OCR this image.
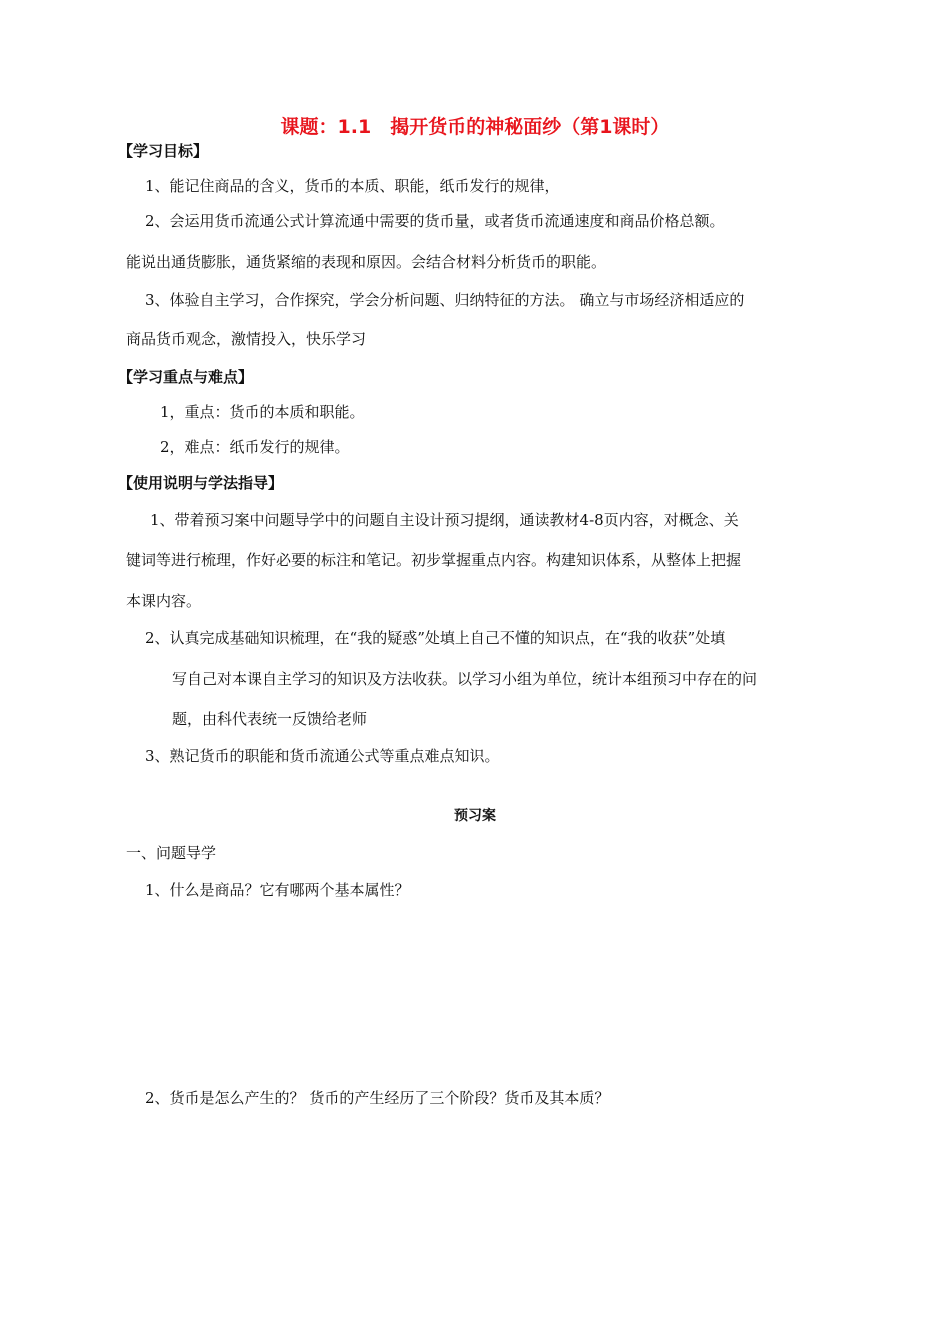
课题：1.1　揭开货币的神秘面纱（第1课时）
【学习目标】
1、能记住商品的含义，货币的本质、职能，纸币发行的规律，
2、会运用货币流通公式计算流通中需要的货币量，或者货币流通速度和商品价格总额。
能说出通货膨胀，通货紧缩的表现和原因。会结合材料分析货币的职能。
3、体验自主学习，合作探究，学会分析问题、归纳特征的方法。 确立与市场经济相适应的
商品货币观念，激情投入，快乐学习
【学习重点与难点】
1，重点：货币的本质和职能。
2，难点：纸币发行的规律。
【使用说明与学法指导】
1、带着预习案中问题导学中的问题自主设计预习提纲，通读教材4-8页内容，对概念、关
键词等进行梳理，作好必要的标注和笔记。初步掌握重点内容。构建知识体系，从整体上把握
本课内容。
2、认真完成基础知识梳理，在“我的疑惑”处填上自己不懂的知识点，在“我的收获”处填
写自己对本课自主学习的知识及方法收获。以学习小组为单位，统计本组预习中存在的问
题，由科代表统一反馈给老师
3、熟记货币的职能和货币流通公式等重点难点知识。
预习案
一、问题导学
1、什么是商品？它有哪两个基本属性？
2、货币是怎么产生的？ 货币的产生经历了三个阶段？货币及其本质？
